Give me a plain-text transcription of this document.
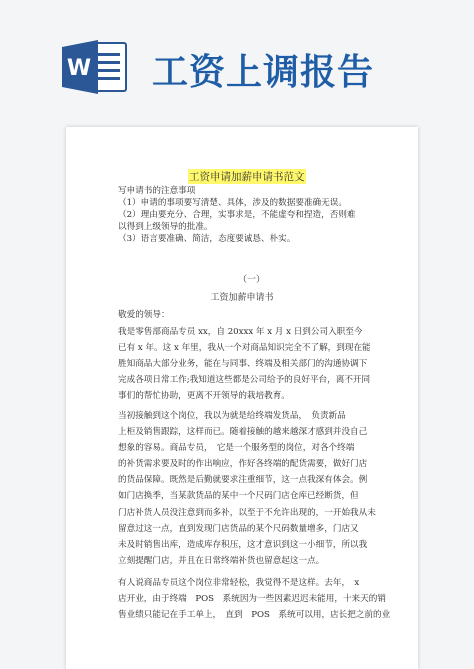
W 工资上调报告
工资申请加薪申请书范文

写申请书的注意事项

（1）申请的事项要写清楚、具体，涉及的数据要准确无误。

（2）理由要充分、合理，实事求是，不能虚夸和捏造，否则难

以得到上级领导的批准。

（3）语言要准确、简洁，态度要诚恳、朴实。

（一）
工资加薪申请书
敬爱的领导：

我是零售部商品专员 xx，自 20xxx 年 x 月 x 日到公司入职至今

已有 x 年。这 x 年里，我从一个对商品知识完全不了解，到现在能

胜知商品大部分业务，能在与同事、终端及相关部门的沟通协调下

完成各项日常工作;我知道这些都是公司给予的良好平台，离不开同

事们的帮忙协助，更离不开领导的栽培教育。

当初接触到这个岗位，我以为就是给终端发货品，　负责新品

上柜及销售跟踪，这样而已。随着接触的越来越深才感到并没自己

想象的容易。商品专员，　它是一个服务型的岗位，对各个终端

的补货需求要及时的作出响应，作好各终端的配货需要，做好门店

的货品保障。既然是后勤就要求注重细节，这一点我深有体会。例

如门店换季，当某款货品的某中一个尺码门店仓库已经断货，但

门店补货人员没注意到而多补，以至于不允许出现的，一开始我从未

留意过这一点，直到发现门店货品的某个尺码数量增多，门店又

未及时销售出库，造成库存积压，这才意识到这一小细节，所以我

立刻提醒门店，并且在日常终端补货也留意起这一点。

有人说商品专员这个岗位非常轻松，我觉得不是这样。去年，　x

店开业，由于终端　POS　系统因为一些因素迟迟未能用，十来天的销

售业绩只能记在手工单上，　直到　POS　系统可以用，店长把之前的业
